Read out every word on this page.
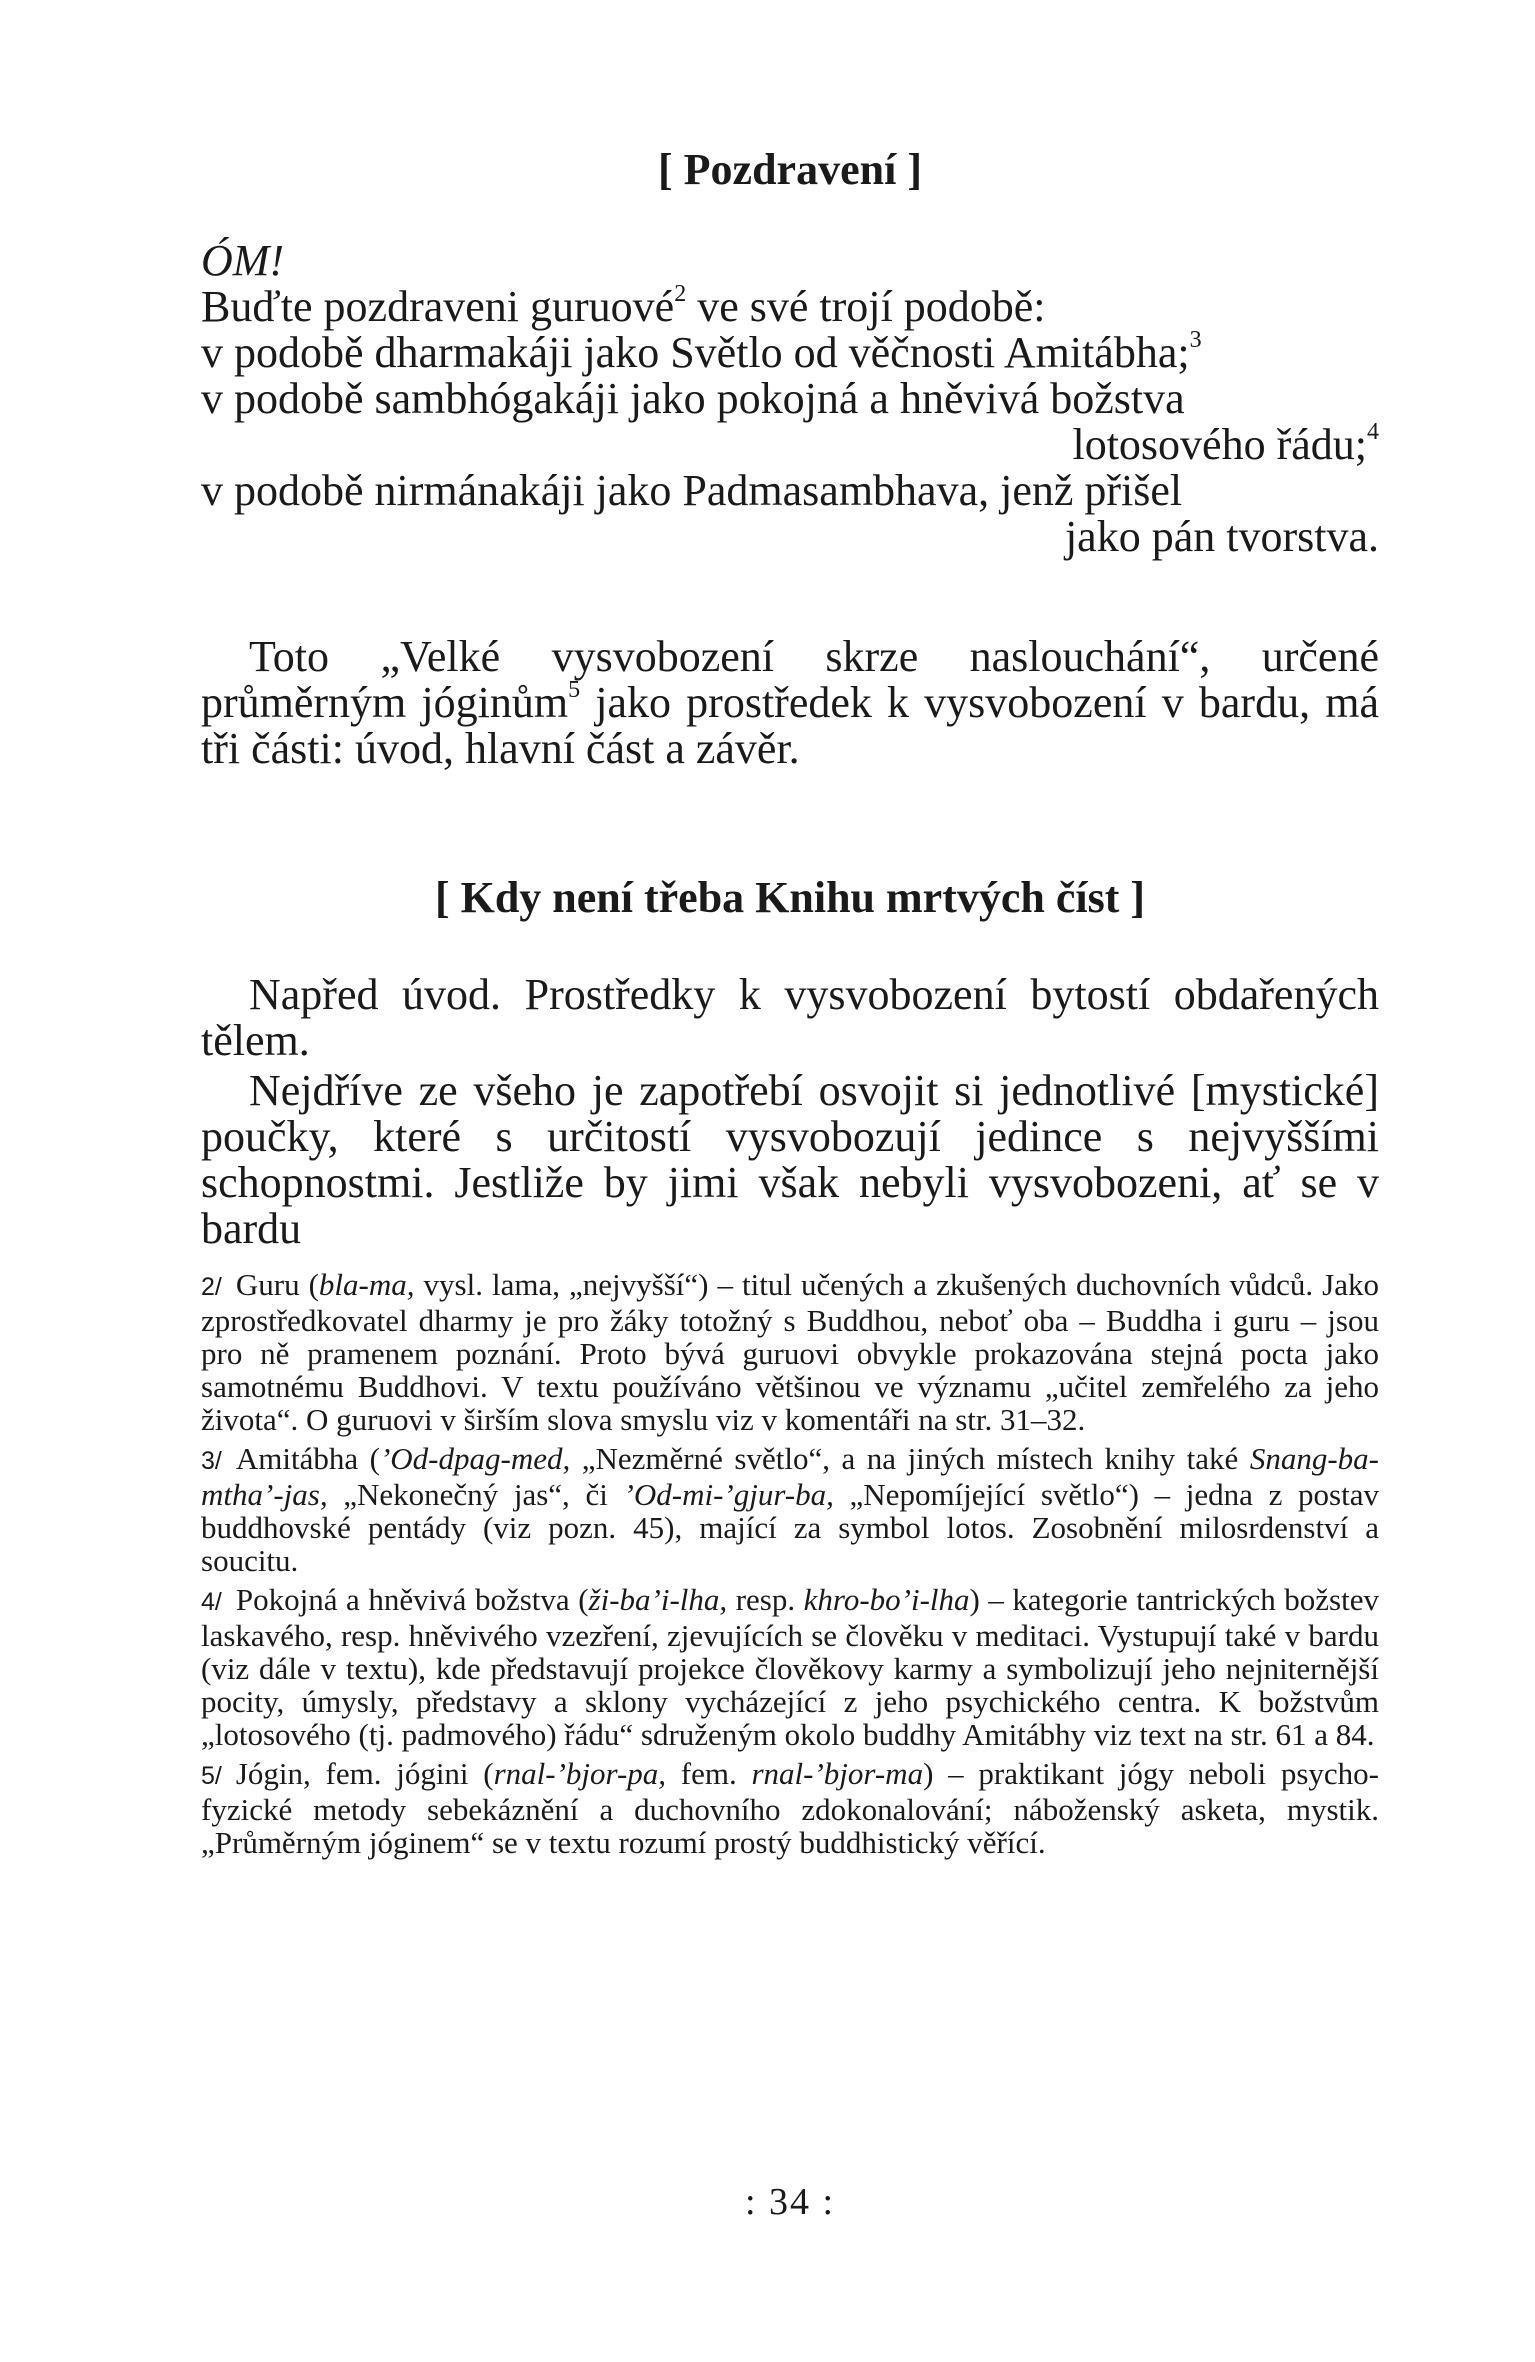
[ Pozdravení ]
ÓM!
Buďte pozdraveni guruové$^2$ ve své trojí podobě:
v podobě dharmakáji jako Světlo od věčnosti Amitábha;$^3$
v podobě sambhógakáji jako pokojná a hněvivá božstva
lotosového řádu;$^4$
v podobě nirmánakáji jako Padmasambhava, jenž přišel
jako pán tvorstva.

Toto „Velké vysvobození skrze naslouchání“, určené průměrným jóginům$^5$ jako prostředek k vysvobození v bardu, má tři části: úvod, hlavní část a závěr.

[ Kdy není třeba Knihu mrtvých číst ]

Napřed úvod. Prostředky k vysvobození bytostí obdařených tělem.

Nejdříve ze všeho je zapotřebí osvojit si jednotlivé [mystické] poučky, které s určitostí vysvobozují jedince s nejvyššími schopnostmi. Jestliže by jimi však nebyli vysvobozeni, ať se v bardu

2/ Guru (bla-ma, vysl. lama, „nejvyšší“) – titul učených a zkušených duchovních vůdců. Jako zprostředkovatel dharmy je pro žáky totožný s Buddhou, neboť oba – Buddha i guru – jsou pro ně pramenem poznání. Proto bývá guruovi obvykle prokazována stejná pocta jako samotnému Buddhovi. V textu používáno většinou ve významu „učitel zemřelého za jeho života“. O guruovi v širším slova smyslu viz v komentáři na str. 31–32.

3/ Amitábha (’Od-dpag-med, „Nezměrné světlo“, a na jiných místech knihy také Snang-ba-mtha’-jas, „Nekonečný jas“, či ’Od-mi-’gjur-ba, „Nepomíjející světlo“) – jedna z postav buddhovské pentády (viz pozn. 45), mající za symbol lotos. Zosobnění milosrdenství a soucitu.

4/ Pokojná a hněvivá božstva (ži-ba’i-lha, resp. khro-bo’i-lha) – kategorie tantrických božstev laskavého, resp. hněvivého vzezření, zjevujících se člověku v meditaci. Vystupují také v bardu (viz dále v textu), kde představují projekce člověkovy karmy a symbolizují jeho nejniternější pocity, úmysly, představy a sklony vycházející z jeho psychického centra. K božstvům „lotosového (tj. padmového) řádu“ sdruženým okolo buddhy Amitábhy viz text na str. 61 a 84.

5/ Jógin, fem. jógini (rnal-’bjor-pa, fem. rnal-’bjor-ma) – praktikant jógy neboli psycho-fyzické metody sebekáznění a duchovního zdokonalování; náboženský asketa, mystik. „Průměrným jóginem“ se v textu rozumí prostý buddhistický věřící.

: 34 :
